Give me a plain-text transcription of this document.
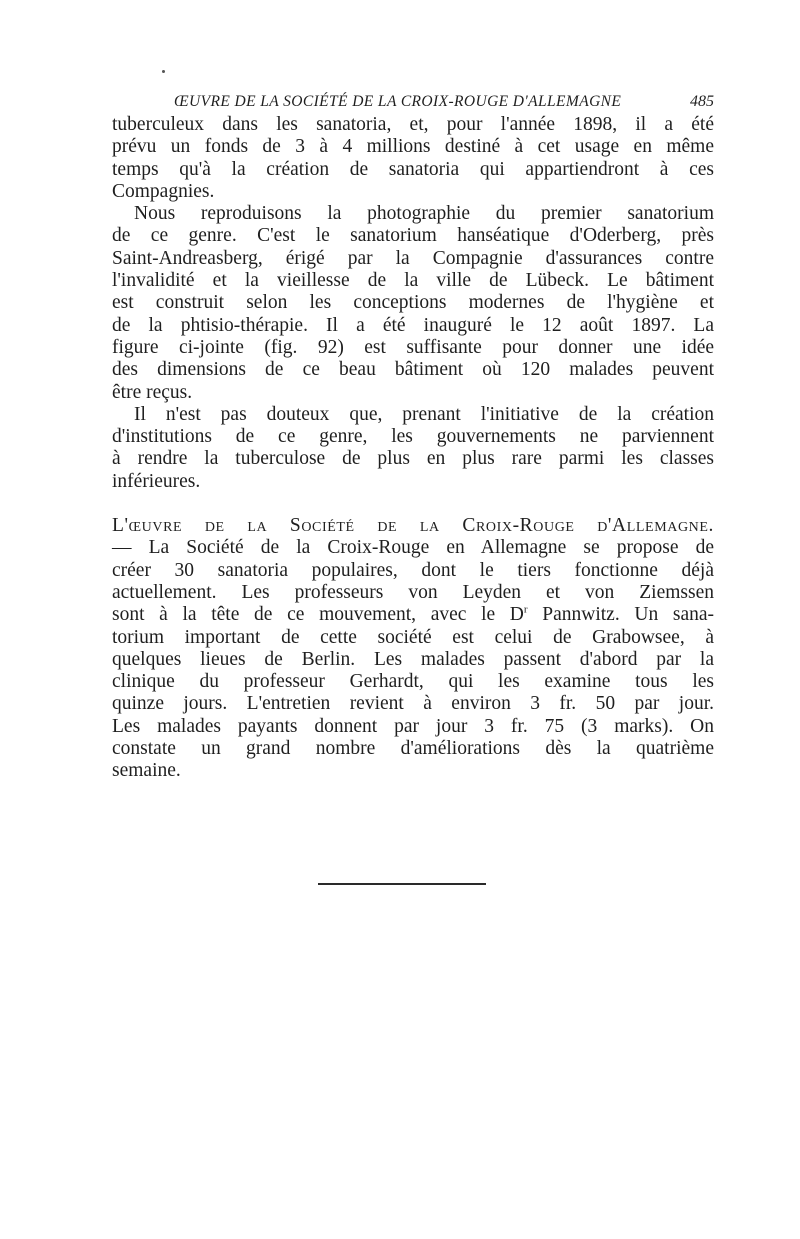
ŒUVRE DE LA SOCIÉTÉ DE LA CROIX-ROUGE D'ALLEMAGNE	485
tuberculeux dans les sanatoria, et, pour l'année 1898, il a été
prévu un fonds de 3 à 4 millions destiné à cet usage en même
temps qu'à la création de sanatoria qui appartiendront à ces
Compagnies.
Nous reproduisons la photographie du premier sanatorium
de ce genre. C'est le sanatorium hanséatique d'Oderberg, près
Saint-Andreasberg, érigé par la Compagnie d'assurances contre
l'invalidité et la vieillesse de la ville de Lübeck. Le bâtiment
est construit selon les conceptions modernes de l'hygiène et
de la phtisio-thérapie. Il a été inauguré le 12 août 1897. La
figure ci-jointe (fig. 92) est suffisante pour donner une idée
des dimensions de ce beau bâtiment où 120 malades peuvent
être reçus.
Il n'est pas douteux que, prenant l'initiative de la création
d'institutions de ce genre, les gouvernements ne parviennent
à rendre la tuberculose de plus en plus rare parmi les classes
inférieures.
L'œuvre de la Société de la Croix-Rouge d'Allemagne.
— La Société de la Croix-Rouge en Allemagne se propose de
créer 30 sanatoria populaires, dont le tiers fonctionne déjà
actuellement. Les professeurs von Leyden et von Ziemssen
sont à la tête de ce mouvement, avec le $D^r$ Pannwitz. Un sana-
torium important de cette société est celui de Grabowsee, à
quelques lieues de Berlin. Les malades passent d'abord par la
clinique du professeur Gerhardt, qui les examine tous les
quinze jours. L'entretien revient à environ 3 fr. 50 par jour.
Les malades payants donnent par jour 3 fr. 75 (3 marks). On
constate un grand nombre d'améliorations dès la quatrième
semaine.
